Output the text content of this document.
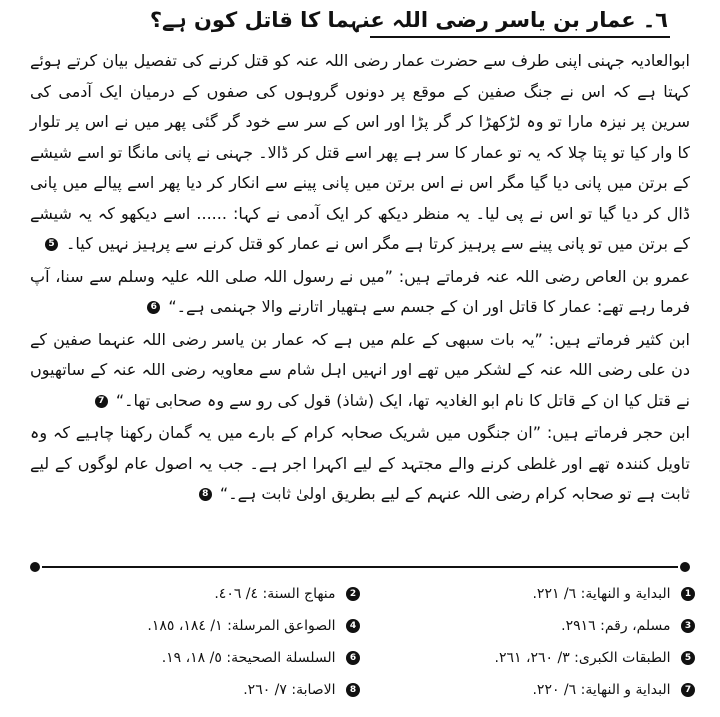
٦۔ عمار بن یاسر رضی اللہ عنہما کا قاتل کون ہے؟

ابوالعادیہ جہنی اپنی طرف سے حضرت عمار رضی اللہ عنہ کو قتل کرنے کی تفصیل بیان کرتے ہوئے کہتا ہے کہ اس نے جنگ صفین کے موقع پر دونوں گروہوں کی صفوں کے درمیان ایک آدمی کی سرین پر نیزہ مارا تو وہ لڑکھڑا کر گر پڑا اور اس کے سر سے خود گر گئی پھر میں نے اس پر تلوار کا وار کیا تو پتا چلا کہ یہ تو عمار کا سر ہے پھر اسے قتل کر ڈالا۔ جہنی نے پانی مانگا تو اسے شیشے کے برتن میں پانی دیا گیا مگر اس نے اس برتن میں پانی پینے سے انکار کر دیا پھر اسے پیالے میں پانی ڈال کر دیا گیا تو اس نے پی لیا۔ یہ منظر دیکھ کر ایک آدمی نے کہا: ...... اسے دیکھو کہ یہ شیشے کے برتن میں تو پانی پینے سے پرہیز کرتا ہے مگر اس نے عمار کو قتل کرنے سے پرہیز نہیں کیا۔ 5

عمرو بن العاص رضی اللہ عنہ فرماتے ہیں: ”میں نے رسول اللہ صلی اللہ علیہ وسلم سے سنا، آپ فرما رہے تھے: عمار کا قاتل اور ان کے جسم سے ہتھیار اتارنے والا جہنمی ہے۔“ 6

ابن کثیر فرماتے ہیں: ”یہ بات سبھی کے علم میں ہے کہ عمار بن یاسر رضی اللہ عنہما صفین کے دن علی رضی اللہ عنہ کے لشکر میں تھے اور انہیں اہل شام سے معاویہ رضی اللہ عنہ کے ساتھیوں نے قتل کیا ان کے قاتل کا نام ابو الغادیہ تھا، ایک (شاذ) قول کی رو سے وہ صحابی تھا۔“ 7

ابن حجر فرماتے ہیں: ”ان جنگوں میں شریک صحابہ کرام کے بارے میں یہ گمان رکھنا چاہیے کہ وہ تاویل کنندہ تھے اور غلطی کرنے والے مجتہد کے لیے اکہرا اجر ہے۔ جب یہ اصول عام لوگوں کے لیے ثابت ہے تو صحابہ کرام رضی اللہ عنہم کے لیے بطریق اولیٰ ثابت ہے۔“ 8

1 البداية و النهاية: ٦/ ٢٢١.
2 منهاج السنة: ٤/ ٤٠٦.
3 مسلم، رقم: ٢٩١٦.
4 الصواعق المرسلة: ١/ ١٨٤، ١٨٥.
5 الطبقات الكبرى: ٣/ ٢٦٠، ٢٦١.
6 السلسلة الصحيحة: ٥/ ١٨، ١٩.
7 البداية و النهاية: ٦/ ٢٢٠.
8 الاصابة: ٧/ ٢٦٠.
